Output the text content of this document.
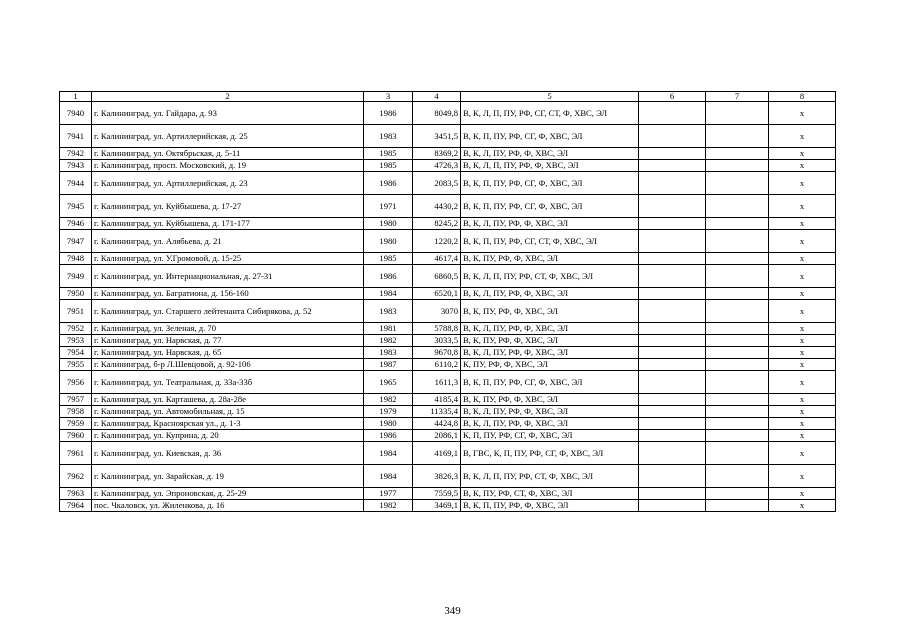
1	2	3	4	5	6	7	8
7940	г. Калининград, ул. Гайдара, д. 93	1986	8049,8	В, К, Л, П, ПУ, РФ, СГ, СТ, Ф, ХВС, ЭЛ			x
7941	г. Калининград, ул. Артиллерийская, д. 25	1983	3451,5	В, К, П, ПУ, РФ, СГ, Ф, ХВС, ЭЛ			x
7942	г. Калининград, ул. Октябрьская, д. 5-11	1985	8369,2	В, К, Л, ПУ, РФ, Ф, ХВС, ЭЛ			x
7943	г. Калининград, просп. Московский, д. 19	1985	4726,3	В, К, Л, П, ПУ, РФ, Ф, ХВС, ЭЛ			x
7944	г. Калининград, ул. Артиллерийская, д. 23	1986	2083,5	В, К, П, ПУ, РФ, СГ, Ф, ХВС, ЭЛ			x
7945	г. Калининград, ул. Куйбышева, д. 17-27	1971	4430,2	В, К, П, ПУ, РФ, СГ, Ф, ХВС, ЭЛ			x
7946	г. Калининград, ул. Куйбышева, д. 171-177	1980	8245,2	В, К, Л, ПУ, РФ, Ф, ХВС, ЭЛ			x
7947	г. Калининград, ул. Алябьева, д. 21	1980	1220,2	В, К, П, ПУ, РФ, СГ, СТ, Ф, ХВС, ЭЛ			x
7948	г. Калининград, ул. У.Громовой, д. 15-25	1985	4617,4	В, К, ПУ, РФ, Ф, ХВС, ЭЛ			x
7949	г. Калининград, ул. Интернациональная, д. 27-31	1986	6860,5	В, К, Л, П, ПУ, РФ, СТ, Ф, ХВС, ЭЛ			x
7950	г. Калининград, ул. Багратиона, д. 156-160	1984	6520,1	В, К, Л, ПУ, РФ, Ф, ХВС, ЭЛ			x
7951	г. Калининград, ул. Старшего лейтенанта Сибирякова, д. 52	1983	3070	В, К, ПУ, РФ, Ф, ХВС, ЭЛ			x
7952	г. Калининград, ул. Зеленая, д. 70	1981	5788,8	В, К, Л, ПУ, РФ, Ф, ХВС, ЭЛ			x
7953	г. Калининград, ул. Нарвская, д. 77	1982	3033,5	В, К, ПУ, РФ, Ф, ХВС, ЭЛ			x
7954	г. Калининград, ул. Нарвская, д. 65	1983	9670,8	В, К, Л, ПУ, РФ, Ф, ХВС, ЭЛ			x
7955	г. Калининград, б-р Л.Шевцовой, д. 92-106	1987	6110,2	К, ПУ, РФ, Ф, ХВС, ЭЛ			x
7956	г. Калининград, ул. Театральная, д. 33а-33б	1965	1611,3	В, К, П, ПУ, РФ, СГ, Ф, ХВС, ЭЛ			x
7957	г. Калининград, ул. Карташева, д. 28а-28е	1982	4185,4	В, К, ПУ, РФ, Ф, ХВС, ЭЛ			x
7958	г. Калининград, ул. Автомобильная, д. 15	1979	11335,4	В, К, Л, ПУ, РФ, Ф, ХВС, ЭЛ			x
7959	г. Калининград, Красноярская ул., д. 1-3	1980	4424,8	В, К, Л, ПУ, РФ, Ф, ХВС, ЭЛ			x
7960	г. Калининград, ул. Куприна, д. 20	1986	2086,1	К, П, ПУ, РФ, СГ, Ф, ХВС, ЭЛ			x
7961	г. Калининград, ул. Киевская, д. 36	1984	4169,1	В, ГВС, К, П, ПУ, РФ, СГ, Ф, ХВС, ЭЛ			x
7962	г. Калининград, ул. Зарайская, д. 19	1984	3826,3	В, К, Л, П, ПУ, РФ, СТ, Ф, ХВС, ЭЛ			x
7963	г. Калининград, ул. Эпроновская, д. 25-29	1977	7559,5	В, К, ПУ, РФ, СТ, Ф, ХВС, ЭЛ			x
7964	пос. Чкаловск, ул. Жиленкова, д. 16	1982	3469,1	В, К, П, ПУ, РФ, Ф, ХВС, ЭЛ			x
349
